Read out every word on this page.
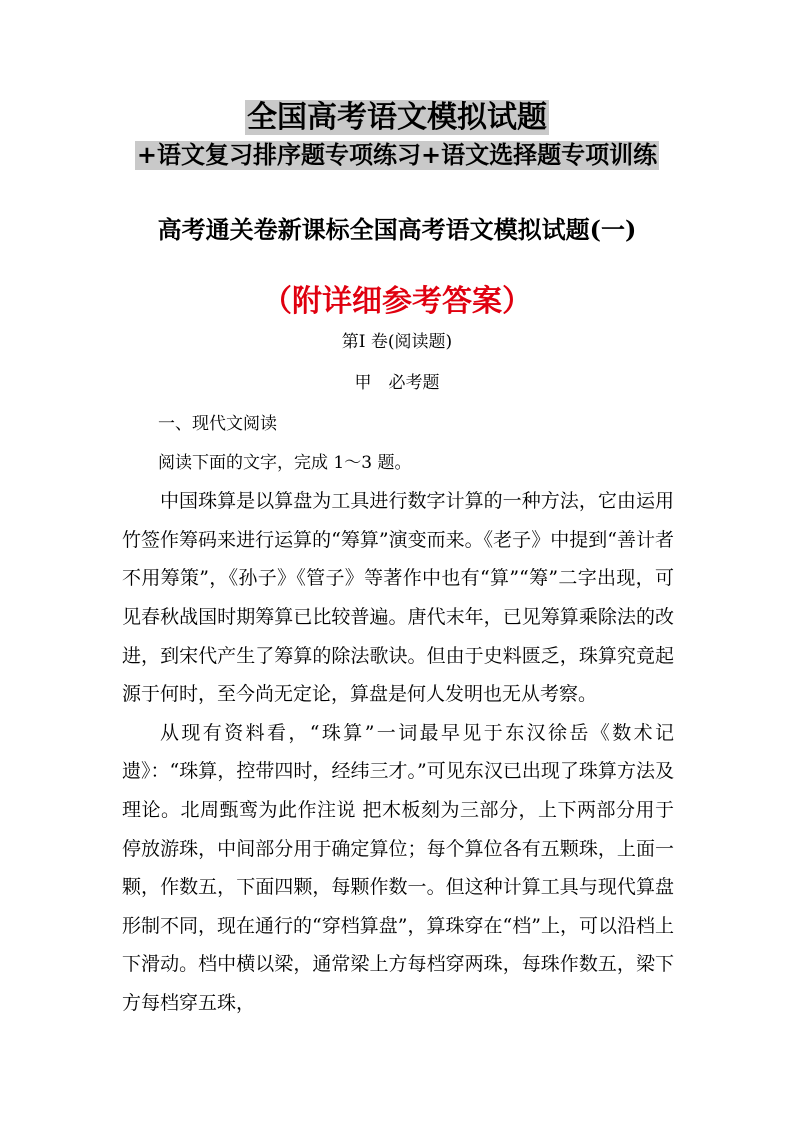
全国高考语文模拟试题
+语文复习排序题专项练习+语文选择题专项训练
高考通关卷新课标全国高考语文模拟试题(一)
（附详细参考答案）
第Ⅰ 卷(阅读题)
甲　必考题

一、现代文阅读

阅读下面的文字，完成 1～3 题。

中国珠算是以算盘为工具进行数字计算的一种方法，它由运用竹签作筹码来进行运算的“筹算”演变而来。《老子》中提到“善计者不用筹策”，《孙子》《管子》等著作中也有“算”“筹”二字出现，可见春秋战国时期筹算已比较普遍。唐代末年，已见筹算乘除法的改进，到宋代产生了筹算的除法歌诀。但由于史料匮乏，珠算究竟起源于何时，至今尚无定论，算盘是何人发明也无从考察。

从现有资料看，“珠算”一词最早见于东汉徐岳《数术记遗》：“珠算，控带四时，经纬三才。”可见东汉已出现了珠算方法及理论。北周甄鸾为此作注说 把木板刻为三部分，上下两部分用于停放游珠，中间部分用于确定算位；每个算位各有五颗珠，上面一颗，作数五，下面四颗，每颗作数一。但这种计算工具与现代算盘形制不同，现在通行的“穿档算盘”，算珠穿在“档”上，可以沿档上下滑动。档中横以梁，通常梁上方每档穿两珠，每珠作数五，梁下方每档穿五珠，
